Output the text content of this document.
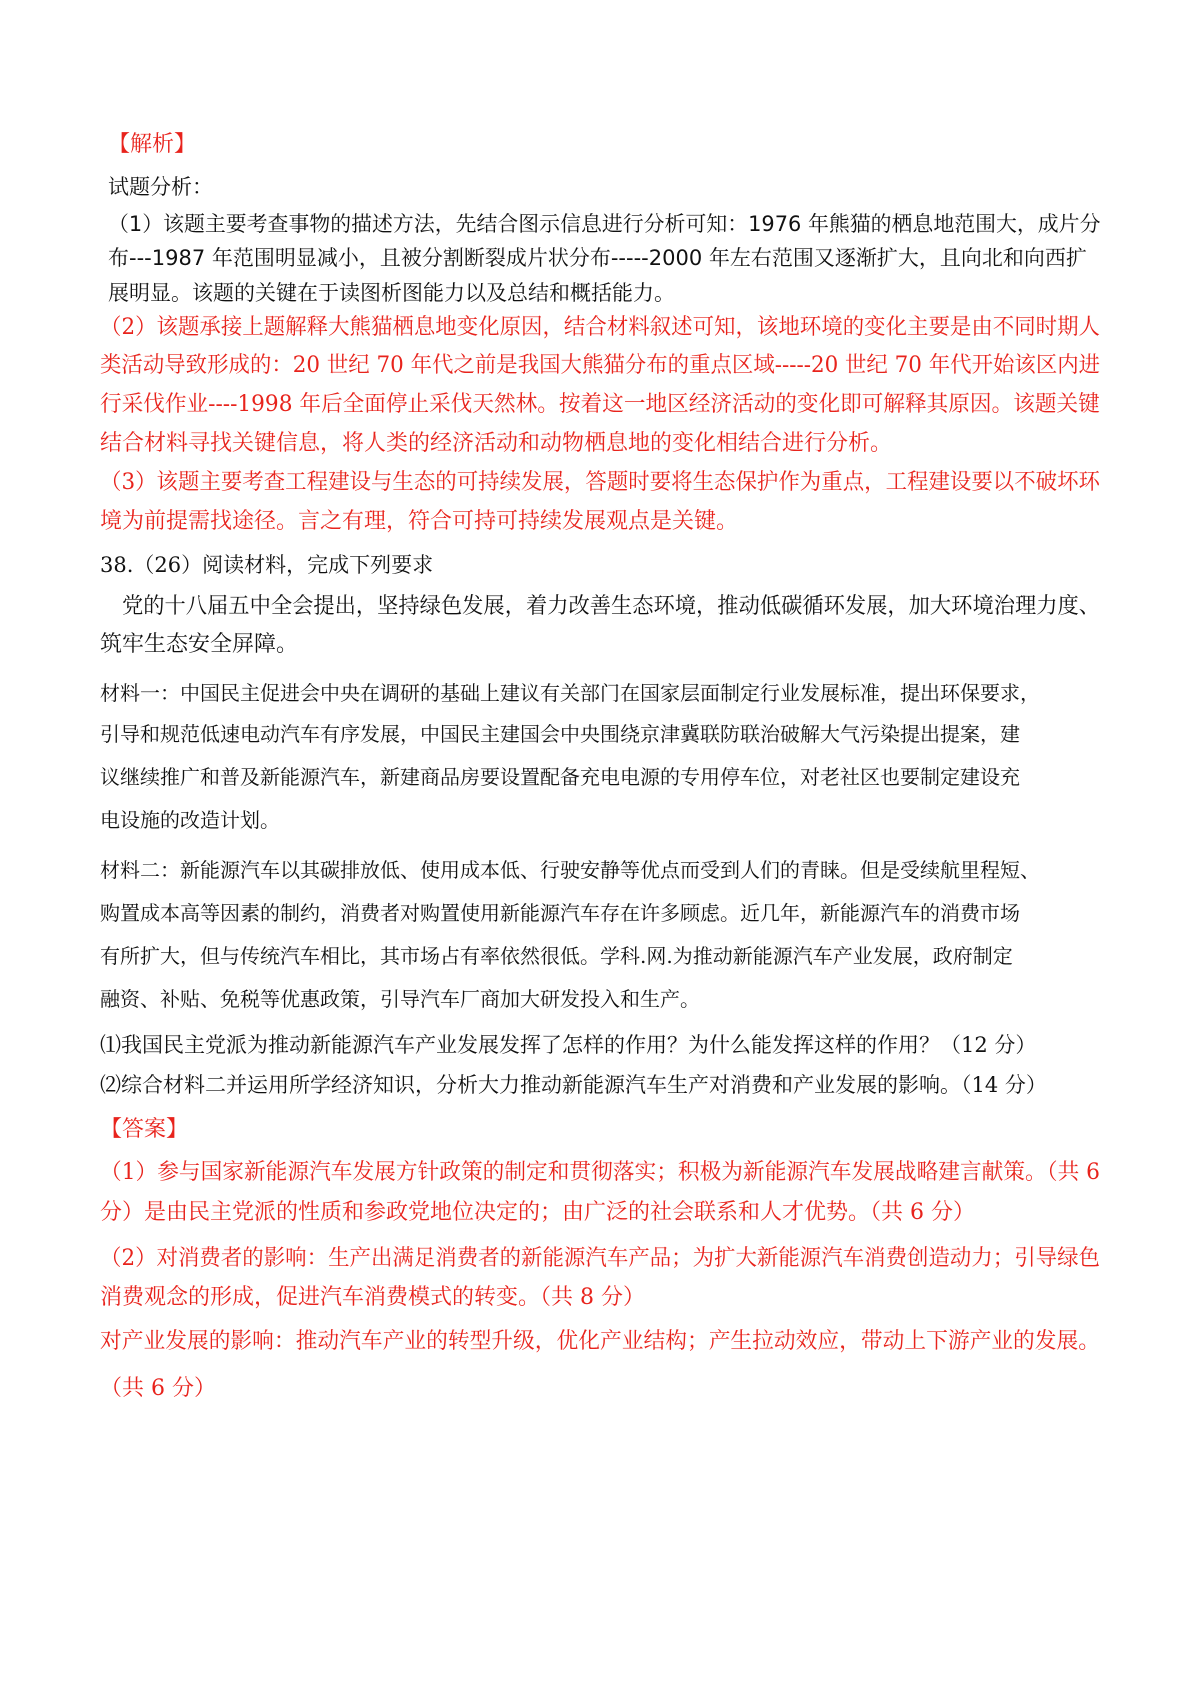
【解析】
试题分析：
（1）该题主要考查事物的描述方法，先结合图示信息进行分析可知：1976 年熊猫的栖息地范围大，成片分
布---1987 年范围明显减小，且被分割断裂成片状分布-----2000 年左右范围又逐渐扩大，且向北和向西扩
展明显。该题的关键在于读图析图能力以及总结和概括能力。
（2）该题承接上题解释大熊猫栖息地变化原因，结合材料叙述可知，该地环境的变化主要是由不同时期人
类活动导致形成的：20 世纪 70 年代之前是我国大熊猫分布的重点区域-----20 世纪 70 年代开始该区内进
行采伐作业----1998 年后全面停止采伐天然林。按着这一地区经济活动的变化即可解释其原因。该题关键
结合材料寻找关键信息，将人类的经济活动和动物栖息地的变化相结合进行分析。
（3）该题主要考查工程建设与生态的可持续发展，答题时要将生态保护作为重点，工程建设要以不破坏环
境为前提需找途径。言之有理，符合可持可持续发展观点是关键。
38.（26）阅读材料，完成下列要求
党的十八届五中全会提出，坚持绿色发展，着力改善生态环境，推动低碳循环发展，加大环境治理力度、
筑牢生态安全屏障。
材料一：中国民主促进会中央在调研的基础上建议有关部门在国家层面制定行业发展标准，提出环保要求，
引导和规范低速电动汽车有序发展，中国民主建国会中央围绕京津冀联防联治破解大气污染提出提案，建
议继续推广和普及新能源汽车，新建商品房要设置配备充电电源的专用停车位，对老社区也要制定建设充
电设施的改造计划。
材料二：新能源汽车以其碳排放低、使用成本低、行驶安静等优点而受到人们的青睐。但是受续航里程短、
购置成本高等因素的制约，消费者对购置使用新能源汽车存在许多顾虑。近几年，新能源汽车的消费市场
有所扩大，但与传统汽车相比，其市场占有率依然很低。学科.网.为推动新能源汽车产业发展，政府制定
融资、补贴、免税等优惠政策，引导汽车厂商加大研发投入和生产。
⑴我国民主党派为推动新能源汽车产业发展发挥了怎样的作用？为什么能发挥这样的作用？（12 分）
⑵综合材料二并运用所学经济知识，分析大力推动新能源汽车生产对消费和产业发展的影响。（14 分）
【答案】
（1）参与国家新能源汽车发展方针政策的制定和贯彻落实；积极为新能源汽车发展战略建言献策。（共 6
分）是由民主党派的性质和参政党地位决定的；由广泛的社会联系和人才优势。（共 6 分）
（2）对消费者的影响：生产出满足消费者的新能源汽车产品；为扩大新能源汽车消费创造动力；引导绿色
消费观念的形成，促进汽车消费模式的转变。（共 8 分）
对产业发展的影响：推动汽车产业的转型升级，优化产业结构；产生拉动效应，带动上下游产业的发展。
（共 6 分）
